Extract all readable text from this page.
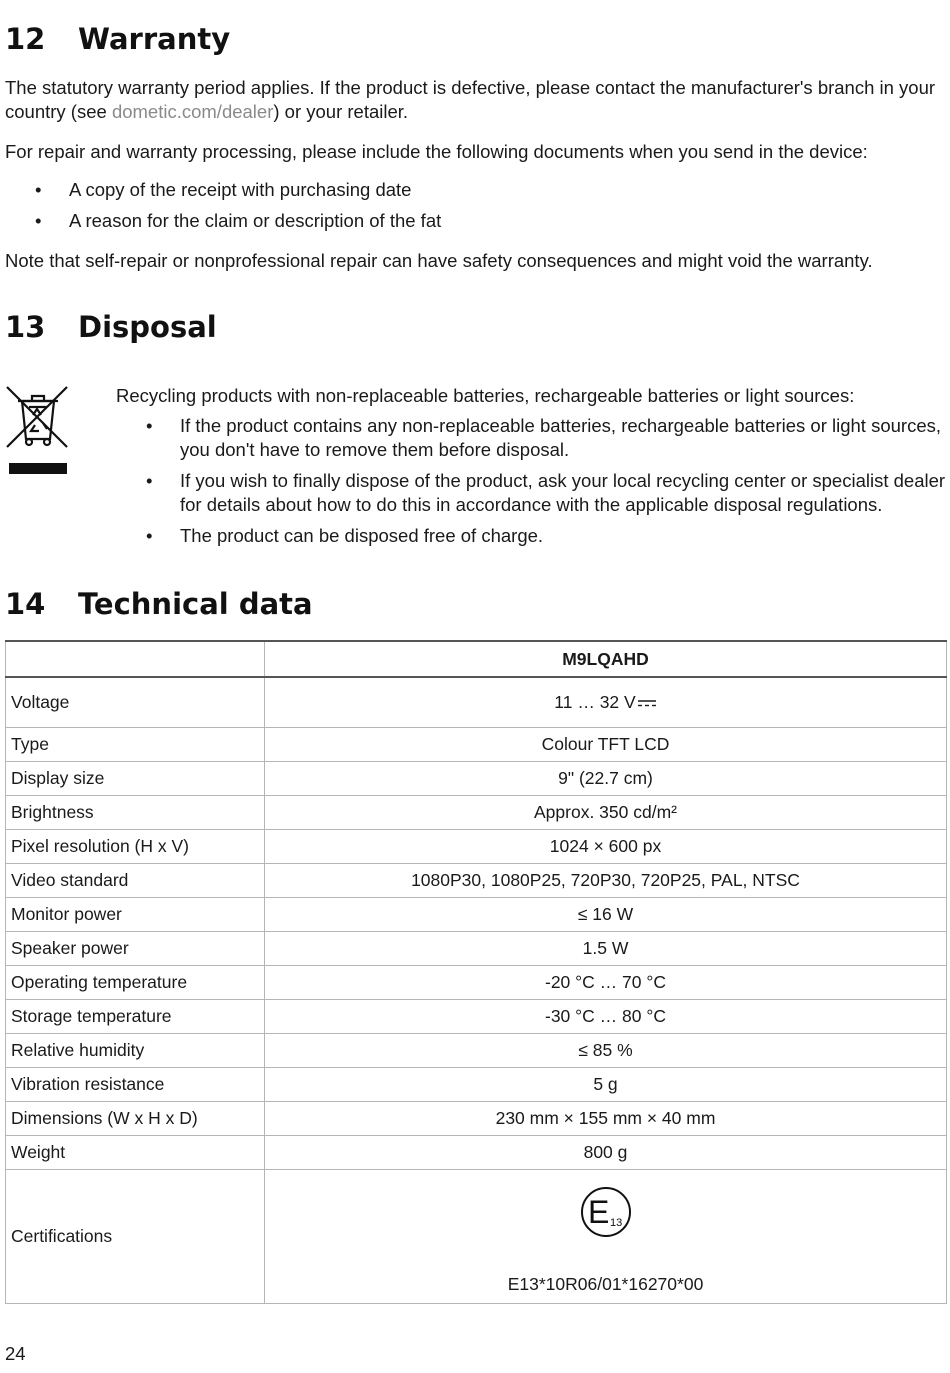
12 Warranty

The statutory warranty period applies. If the product is defective, please contact the manufacturer's branch in your country (see dometic.com/dealer) or your retailer.

For repair and warranty processing, please include the following documents when you send in the device:

• A copy of the receipt with purchasing date
• A reason for the claim or description of the fat

Note that self-repair or nonprofessional repair can have safety consequences and might void the warranty.

13 Disposal

Recycling products with non-replaceable batteries, rechargeable batteries or light sources:

• If the product contains any non-replaceable batteries, rechargeable batteries or light sources, you don't have to remove them before disposal.
• If you wish to finally dispose of the product, ask your local recycling center or specialist dealer for details about how to do this in accordance with the applicable disposal regulations.
• The product can be disposed free of charge.
14 Technical data
	M9LQAHD
Voltage	11 … 32 V
Type	Colour TFT LCD
Display size	9" (22.7 cm)
Brightness	Approx. 350 cd/m²
Pixel resolution (H x V)	1024 × 600 px
Video standard	1080P30, 1080P25, 720P30, 720P25, PAL, NTSC
Monitor power	≤ 16 W
Speaker power	1.5 W
Operating temperature	-20 °C … 70 °C
Storage temperature	-30 °C … 80 °C
Relative humidity	≤ 85 %
Vibration resistance	5 g
Dimensions (W x H x D)	230 mm × 155 mm × 40 mm
Weight	800 g
Certifications	E 13
E13*10R06/01*16270*00
24
